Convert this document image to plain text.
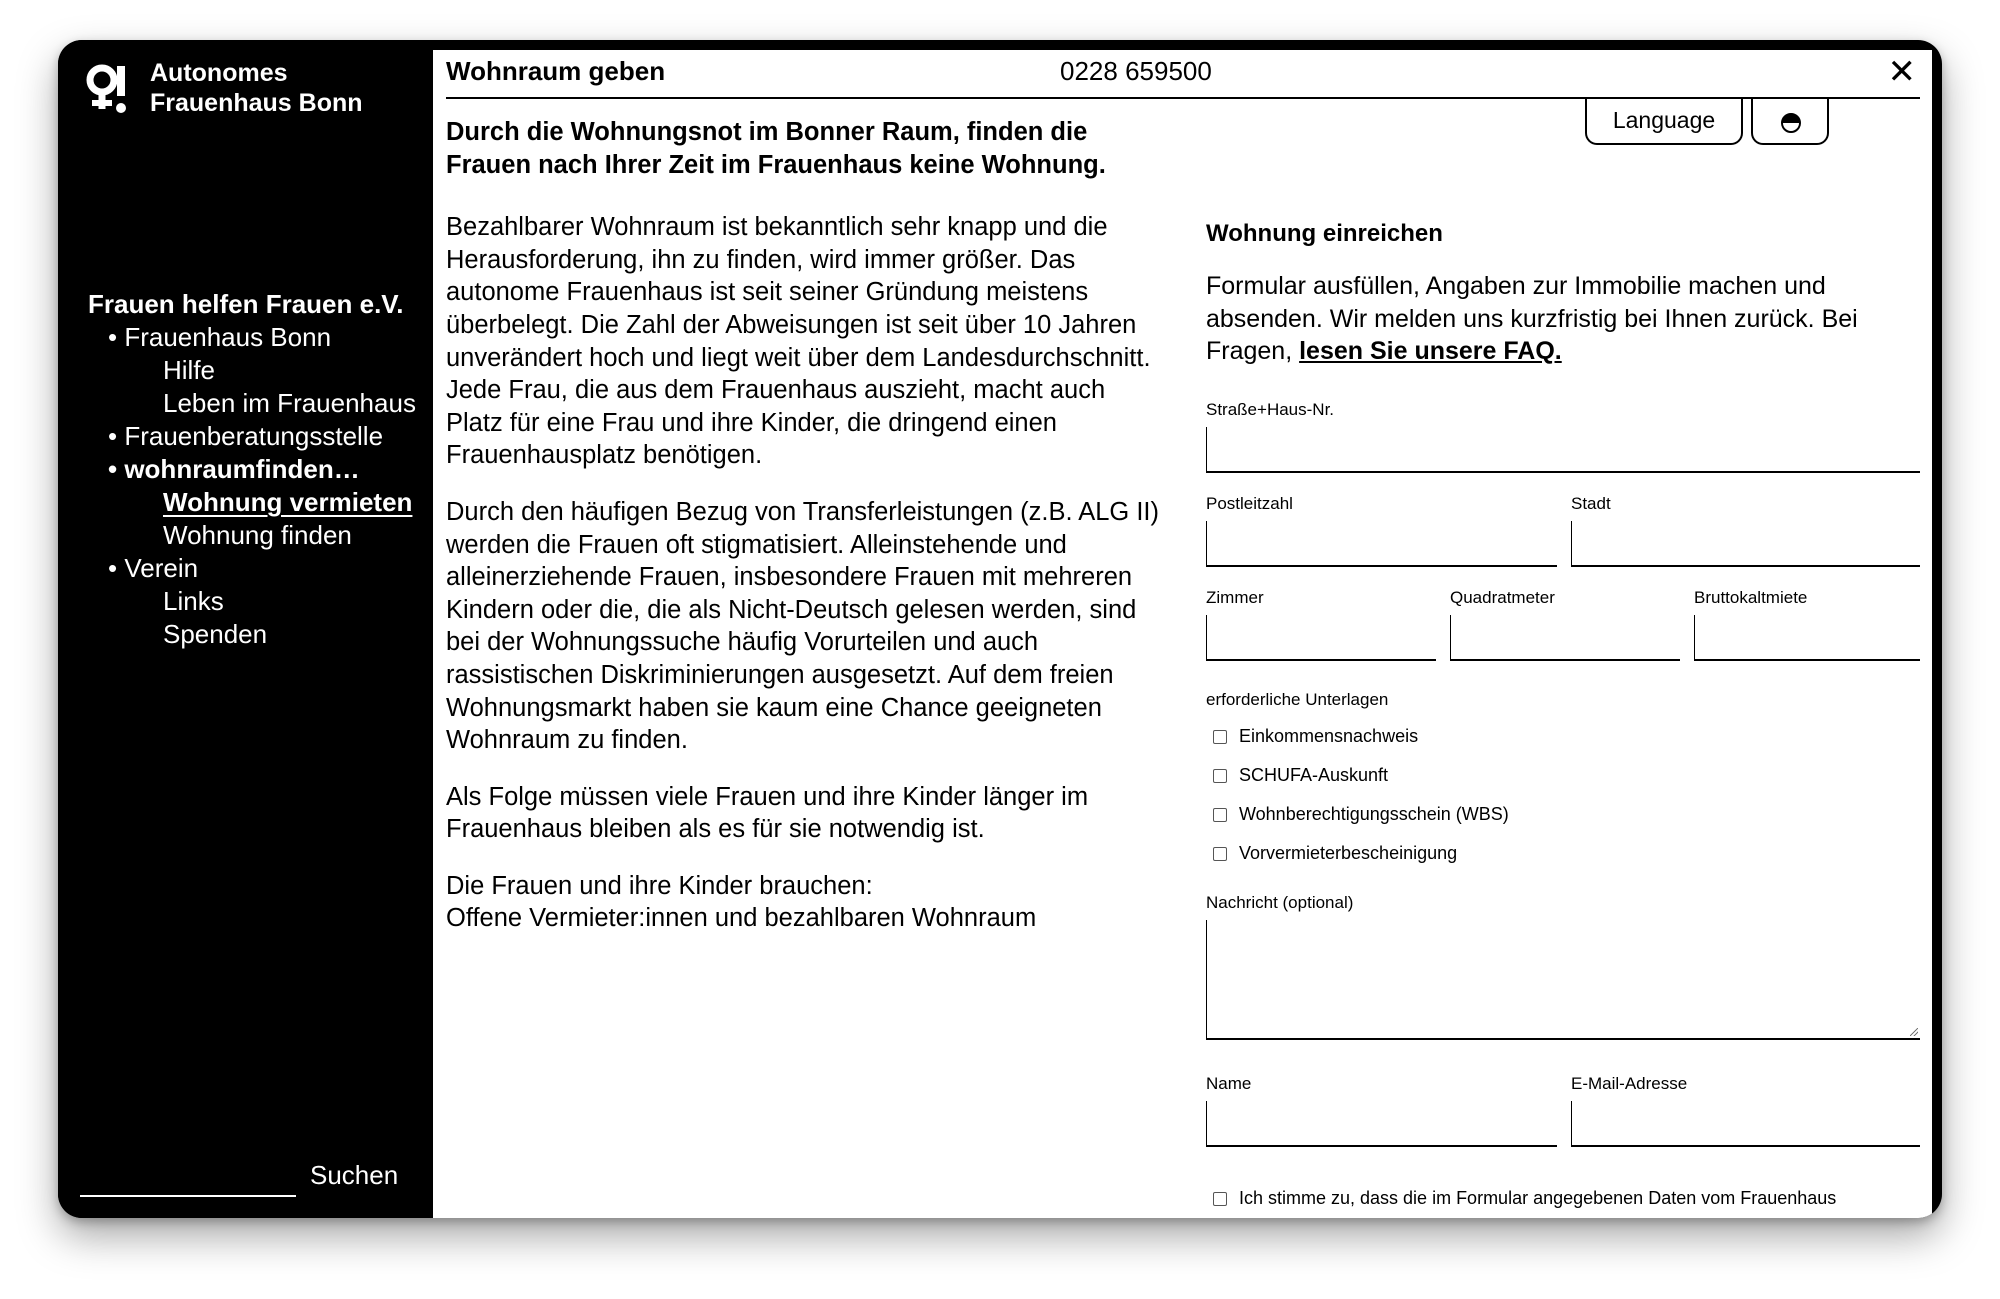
Autonomes
Frauenhaus Bonn
Frauen helfen Frauen e.V.
• Frauenhaus Bonn
Hilfe
Leben im Frauenhaus
• Frauenberatungsstelle
• wohnraumfinden…
Wohnung vermieten
Wohnung finden
• Verein
Links
Spenden
Suchen
Wohnraum geben	0228 659500	✕
Language

Durch die Wohnungsnot im Bonner Raum, finden die Frauen nach Ihrer Zeit im Frauenhaus keine Wohnung.

Bezahlbarer Wohnraum ist bekanntlich sehr knapp und die Herausforderung, ihn zu finden, wird immer größer. Das autonome Frauenhaus ist seit seiner Gründung meistens überbelegt. Die Zahl der Abweisungen ist seit über 10 Jahren unverändert hoch und liegt weit über dem Landesdurchschnitt. Jede Frau, die aus dem Frauenhaus auszieht, macht auch Platz für eine Frau und ihre Kinder, die dringend einen Frauenhausplatz benötigen.

Durch den häufigen Bezug von Transferleistungen (z.B. ALG II) werden die Frauen oft stigmatisiert. Alleinstehende und alleinerziehende Frauen, insbesondere Frauen mit mehreren Kindern oder die, die als Nicht-Deutsch gelesen werden, sind bei der Wohnungssuche häufig Vorurteilen und auch rassistischen Diskriminierungen ausgesetzt. Auf dem freien Wohnungsmarkt haben sie kaum eine Chance geeigneten Wohnraum zu finden.

Als Folge müssen viele Frauen und ihre Kinder länger im Frauenhaus bleiben als es für sie notwendig ist.

Die Frauen und ihre Kinder brauchen:
Offene Vermieter:innen und bezahlbaren Wohnraum

Wohnung einreichen

Formular ausfüllen, Angaben zur Immobilie machen und absenden. Wir melden uns kurzfristig bei Ihnen zurück. Bei Fragen, lesen Sie unsere FAQ.

Straße+Haus-Nr.
Postleitzahl	Stadt
Zimmer	Quadratmeter	Bruttokaltmiete
erforderliche Unterlagen
Einkommensnachweis
SCHUFA-Auskunft
Wohnberechtigungsschein (WBS)
Vorvermieterbescheinigung
Nachricht (optional)
Name	E-Mail-Adresse
Ich stimme zu, dass die im Formular angegebenen Daten vom Frauenhaus
